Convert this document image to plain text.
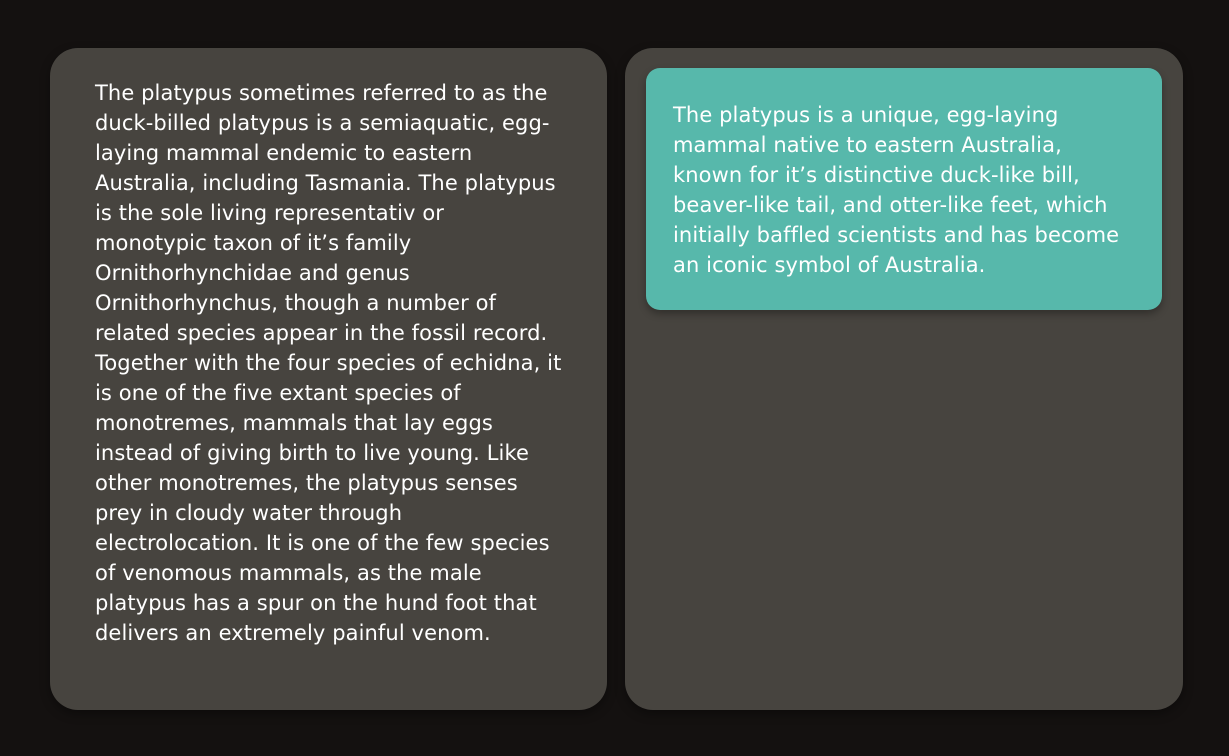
The platypus sometimes referred to as the duck-billed platypus is a semiaquatic, egg-laying mammal endemic to eastern Australia, including Tasmania. The platypus is the sole living representativ or monotypic taxon of it’s family Ornithorhynchidae and genus Ornithorhynchus, though a number of related species appear in the fossil record. Together with the four species of echidna, it is one of the five extant species of monotremes, mammals that lay eggs instead of giving birth to live young. Like other monotremes, the platypus senses prey in cloudy water through electrolocation. It is one of the few species of venomous mammals, as the male platypus has a spur on the hund foot that delivers an extremely painful venom.

The platypus is a unique, egg-laying mammal native to eastern Australia, known for it’s distinctive duck-like bill, beaver-like tail, and otter-like feet, which initially baffled scientists and has become an iconic symbol of Australia.
